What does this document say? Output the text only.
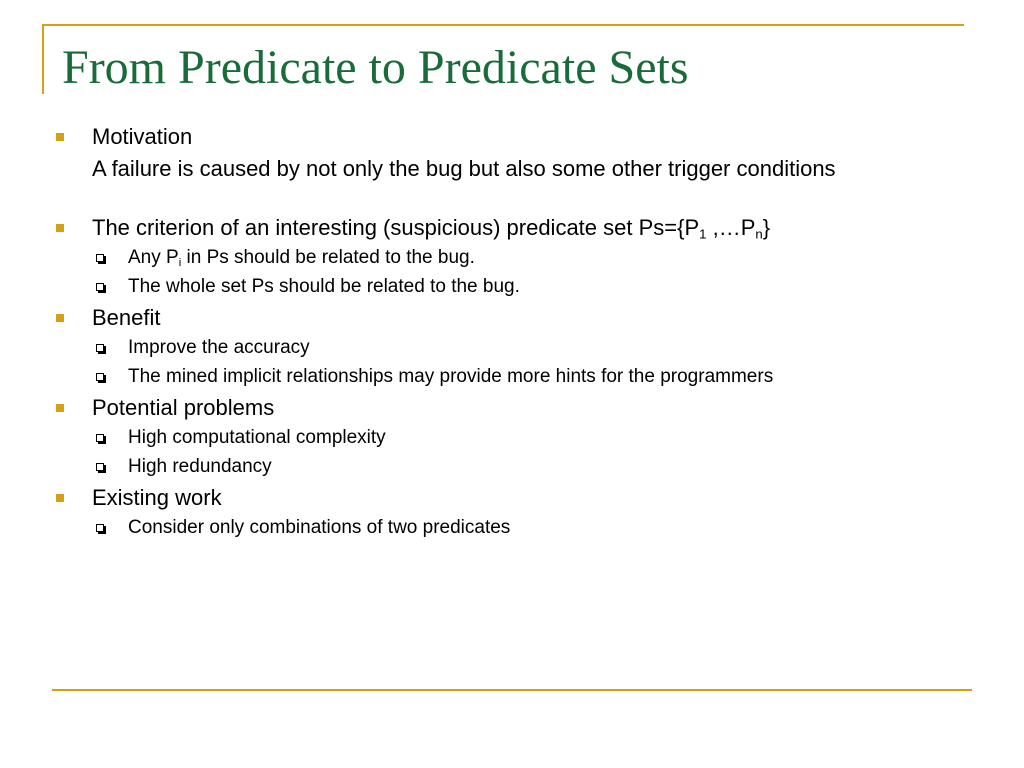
From Predicate to Predicate Sets
Motivation
A failure is caused by not only the bug but also some other trigger conditions
The criterion of an interesting (suspicious) predicate set $Ps=\{P_1$ $,\dots P_n$}
Any $P_i$ in Ps should be related to the bug.
The whole set Ps should be related to the bug.
Benefit
Improve the accuracy
The mined implicit relationships may provide more hints for the programmers
Potential problems
High computational complexity
High redundancy
Existing work
Consider only combinations of two predicates
